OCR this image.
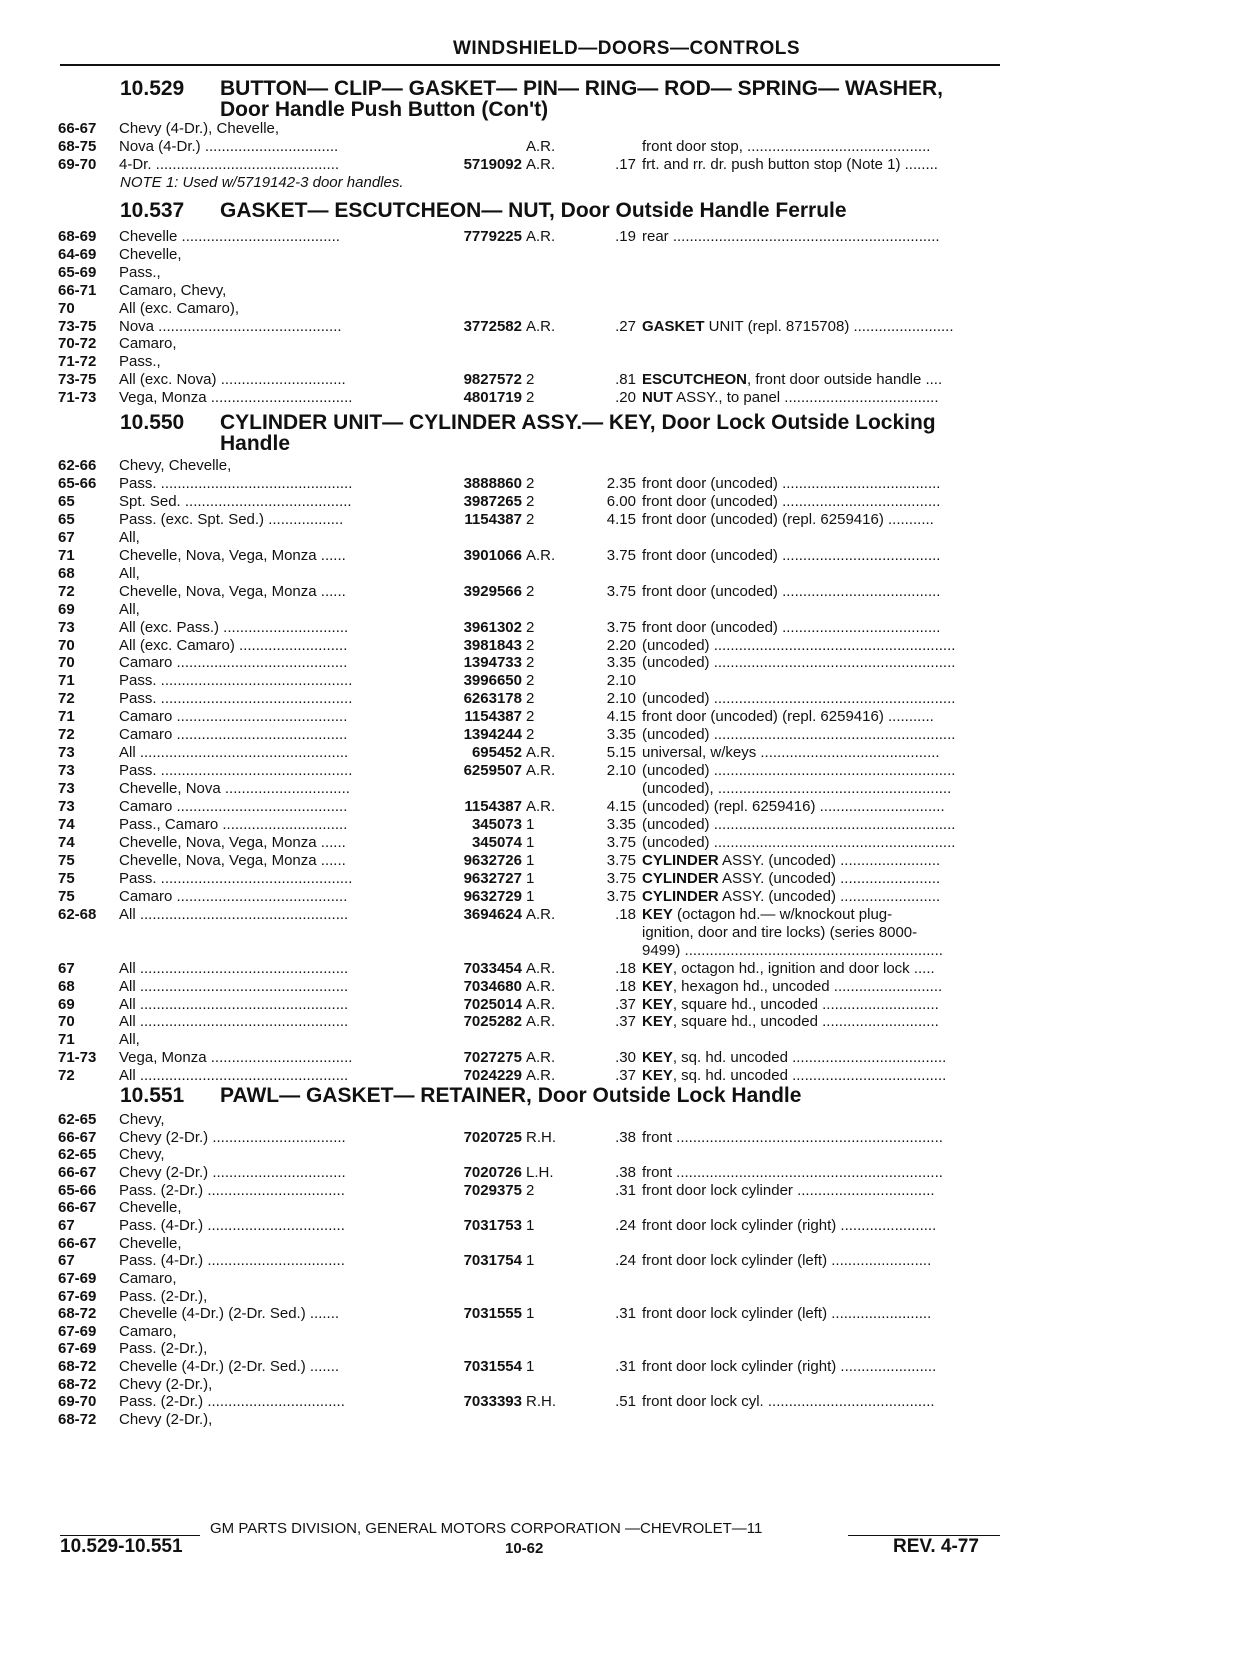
WINDSHIELD—DOORS—CONTROLS
10.529 BUTTON— CLIP— GASKET— PIN— RING— ROD— SPRING— WASHER,
Door Handle Push Button (Con't)
66-67 Chevy (4-Dr.), Chevelle,
68-75 Nova (4-Dr.) ................................	A.R.	front door stop, ............................................
69-70 4-Dr. ............................................	5719092 A.R.	.17 frt. and rr. dr. push button stop (Note 1) ........
NOTE 1: Used w/5719142-3 door handles.
10.537 GASKET— ESCUTCHEON— NUT, Door Outside Handle Ferrule
68-69 Chevelle ......................................	7779225 A.R.	.19 rear ................................................................
64-69 Chevelle,
65-69 Pass.,
66-71 Camaro, Chevy,
70	All (exc. Camaro),
73-75 Nova ............................................	3772582 A.R.	.27 GASKET UNIT (repl. 8715708) ........................
70-72 Camaro,
71-72 Pass.,
73-75 All (exc. Nova) ..............................	9827572 2	.81 ESCUTCHEON, front door outside handle ....
71-73 Vega, Monza ..................................	4801719 2	.20 NUT ASSY., to panel .....................................
10.550 CYLINDER UNIT— CYLINDER ASSY.— KEY, Door Lock Outside Locking
Handle
62-66 Chevy, Chevelle,
65-66 Pass. ..............................................	3888860 2	2.35 front door (uncoded) ......................................
65	Spt. Sed. ........................................	3987265 2	6.00 front door (uncoded) ......................................
65	Pass. (exc. Spt. Sed.) ..................	1154387 2	4.15 front door (uncoded) (repl. 6259416) ...........
67	All,
71	Chevelle, Nova, Vega, Monza ......	3901066 A.R.	3.75 front door (uncoded) ......................................
68	All,
72	Chevelle, Nova, Vega, Monza ......	3929566 2	3.75 front door (uncoded) ......................................
69	All,
73	All (exc. Pass.) ..............................	3961302 2	3.75 front door (uncoded) ......................................
70	All (exc. Camaro) ..........................	3981843 2	2.20 (uncoded) ..........................................................
70	Camaro .........................................	1394733 2	3.35 (uncoded) ..........................................................
71	Pass. ..............................................	3996650 2	2.10
72	Pass. ..............................................	6263178 2	2.10 (uncoded) ..........................................................
71	Camaro .........................................	1154387 2	4.15 front door (uncoded) (repl. 6259416) ...........
72	Camaro .........................................	1394244 2	3.35 (uncoded) ..........................................................
73	All ..................................................	695452 A.R.	5.15 universal, w/keys ...........................................
73	Pass. ..............................................	6259507 A.R.	2.10 (uncoded) ..........................................................
73	Chevelle, Nova ..............................	(uncoded), ........................................................
73	Camaro .........................................	1154387 A.R.	4.15 (uncoded) (repl. 6259416) ..............................
74	Pass., Camaro ..............................	345073 1	3.35 (uncoded) ..........................................................
74	Chevelle, Nova, Vega, Monza ......	345074 1	3.75 (uncoded) ..........................................................
75	Chevelle, Nova, Vega, Monza ......	9632726 1	3.75 CYLINDER ASSY. (uncoded) ........................
75	Pass. ..............................................	9632727 1	3.75 CYLINDER ASSY. (uncoded) ........................
75	Camaro .........................................	9632729 1	3.75 CYLINDER ASSY. (uncoded) ........................
62-68 All ..................................................	3694624 A.R.	.18 KEY (octagon hd.— w/knockout plug-
ignition, door and tire locks) (series 8000-
9499) ..............................................................
67	All ..................................................	7033454 A.R.	.18 KEY, octagon hd., ignition and door lock .....
68	All ..................................................	7034680 A.R.	.18 KEY, hexagon hd., uncoded ..........................
69	All ..................................................	7025014 A.R.	.37 KEY, square hd., uncoded ............................
70	All ..................................................	7025282 A.R.	.37 KEY, square hd., uncoded ............................
71	All,
71-73 Vega, Monza ..................................	7027275 A.R.	.30 KEY, sq. hd. uncoded .....................................
72	All ..................................................	7024229 A.R.	.37 KEY, sq. hd. uncoded .....................................
10.551 PAWL— GASKET— RETAINER, Door Outside Lock Handle
62-65 Chevy,
66-67 Chevy (2-Dr.) ................................	7020725 R.H.	.38 front ................................................................
62-65 Chevy,
66-67 Chevy (2-Dr.) ................................	7020726 L.H.	.38 front ................................................................
65-66 Pass. (2-Dr.) .................................	7029375 2	.31 front door lock cylinder .................................
66-67 Chevelle,
67	Pass. (4-Dr.) .................................	7031753 1	.24 front door lock cylinder (right) .......................
66-67 Chevelle,
67	Pass. (4-Dr.) .................................	7031754 1	.24 front door lock cylinder (left) ........................
67-69 Camaro,
67-69 Pass. (2-Dr.),
68-72 Chevelle (4-Dr.) (2-Dr. Sed.) .......	7031555 1	.31 front door lock cylinder (left) ........................
67-69 Camaro,
67-69 Pass. (2-Dr.),
68-72 Chevelle (4-Dr.) (2-Dr. Sed.) .......	7031554 1	.31 front door lock cylinder (right) .......................
68-72 Chevy (2-Dr.),
69-70 Pass. (2-Dr.) .................................	7033393 R.H.	.51 front door lock cyl. ........................................
68-72 Chevy (2-Dr.),
GM PARTS DIVISION, GENERAL MOTORS CORPORATION —CHEVROLET—11
10.529-10.551	10-62	REV. 4-77
